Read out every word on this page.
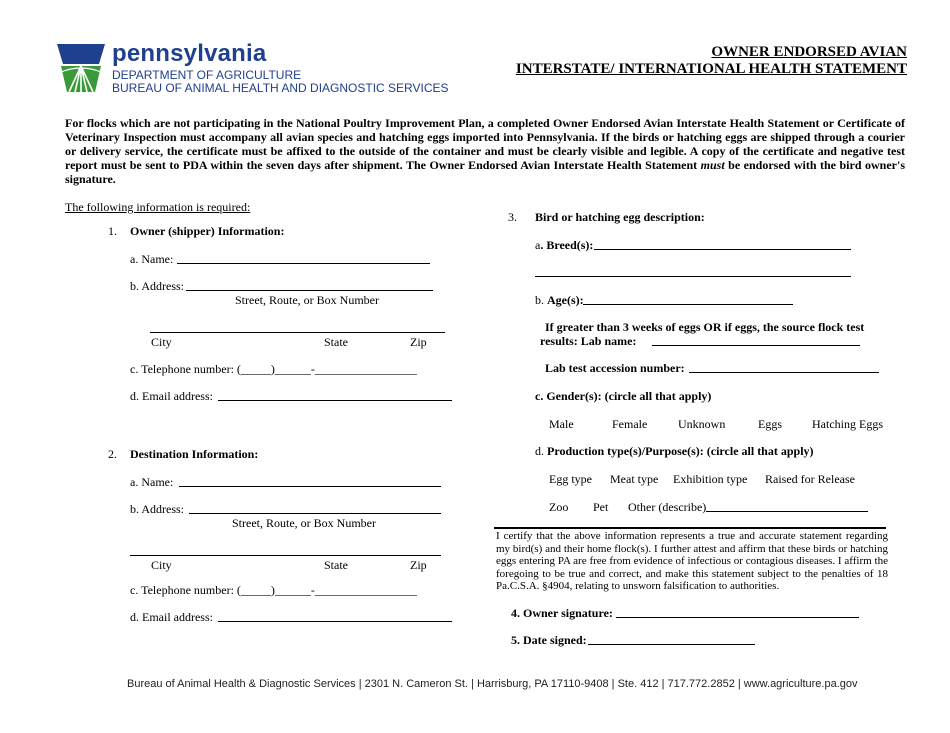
pennsylvania
DEPARTMENT OF AGRICULTURE
BUREAU OF ANIMAL HEALTH AND DIAGNOSTIC SERVICES
OWNER ENDORSED AVIAN
INTERSTATE/ INTERNATIONAL HEALTH STATEMENT
For flocks which are not participating in the National Poultry Improvement Plan, a completed Owner Endorsed Avian Interstate Health Statement or Certificate of Veterinary Inspection must accompany all avian species and hatching eggs imported into Pennsylvania. If the birds or hatching eggs are shipped through a courier or delivery service, the certificate must be affixed to the outside of the container and must be clearly visible and legible. A copy of the certificate and negative test report must be sent to PDA within the seven days after shipment. The Owner Endorsed Avian Interstate Health Statement must be endorsed with the bird owner's signature.
The following information is required:
1. Owner (shipper) Information:
a. Name:
b. Address:
Street, Route, or Box Number
City	State	Zip
c. Telephone number: (_____)______-_________________
d. Email address:
2. Destination Information:
a. Name:
b. Address:
Street, Route, or Box Number
City	State	Zip
c. Telephone number: (_____)______-_________________
d. Email address:
3. Bird or hatching egg description:
a. Breed(s):
b. Age(s):
If greater than 3 weeks of eggs OR if eggs, the source flock test
results: Lab name:
Lab test accession number:
c. Gender(s): (circle all that apply)
Male	Female	Unknown	Eggs	Hatching Eggs
d. Production type(s)/Purpose(s): (circle all that apply)
Egg type Meat type Exhibition type Raised for Release
Zoo Pet Other (describe)
I certify that the above information represents a true and accurate statement regarding my bird(s) and their home flock(s). I further attest and affirm that these birds or hatching eggs entering PA are free from evidence of infectious or contagious diseases. I affirm the foregoing to be true and correct, and make this statement subject to the penalties of 18 Pa.C.S.A. §4904, relating to unsworn falsification to authorities.
4. Owner signature:
5. Date signed:
Bureau of Animal Health & Diagnostic Services | 2301 N. Cameron St. | Harrisburg, PA 17110-9408 | Ste. 412 | 717.772.2852 | www.agriculture.pa.gov
